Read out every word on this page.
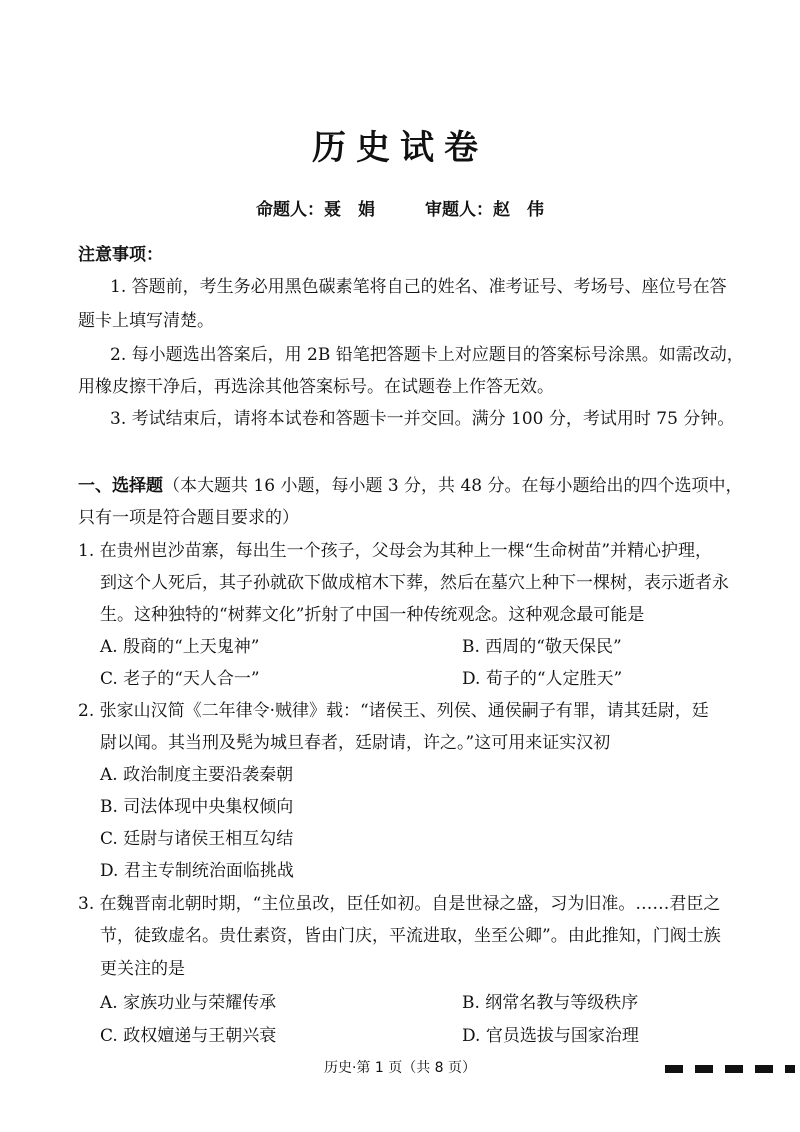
历史试卷
命题人：聂　娟	审题人：赵　伟
注意事项：
1. 答题前，考生务必用黑色碳素笔将自己的姓名、准考证号、考场号、座位号在答
题卡上填写清楚。
2. 每小题选出答案后，用 2B 铅笔把答题卡上对应题目的答案标号涂黑。如需改动，
用橡皮擦干净后，再选涂其他答案标号。在试题卷上作答无效。
3. 考试结束后，请将本试卷和答题卡一并交回。满分 100 分，考试用时 75 分钟。
一、选择题（本大题共 16 小题，每小题 3 分，共 48 分。在每小题给出的四个选项中，
只有一项是符合题目要求的）
1. 在贵州岜沙苗寨，每出生一个孩子，父母会为其种上一棵“生命树苗”并精心护理，
到这个人死后，其子孙就砍下做成棺木下葬，然后在墓穴上种下一棵树，表示逝者永
生。这种独特的“树葬文化”折射了中国一种传统观念。这种观念最可能是
A. 殷商的“上天鬼神”	B. 西周的“敬天保民”
C. 老子的“天人合一”	D. 荀子的“人定胜天”
2. 张家山汉简《二年律令·贼律》载：“诸侯王、列侯、通侯嗣子有罪，请其廷尉，廷
尉以闻。其当刑及髡为城旦春者，廷尉请，许之。”这可用来证实汉初
A. 政治制度主要沿袭秦朝
B. 司法体现中央集权倾向
C. 廷尉与诸侯王相互勾结
D. 君主专制统治面临挑战
3. 在魏晋南北朝时期，“主位虽改，臣任如初。自是世禄之盛，习为旧准。……君臣之
节，徒致虚名。贵仕素资，皆由门庆，平流进取，坐至公卿”。由此推知，门阀士族
更关注的是
A. 家族功业与荣耀传承	B. 纲常名教与等级秩序
C. 政权嬗递与王朝兴衰	D. 官员选拔与国家治理
历史·第 1 页（共 8 页）
